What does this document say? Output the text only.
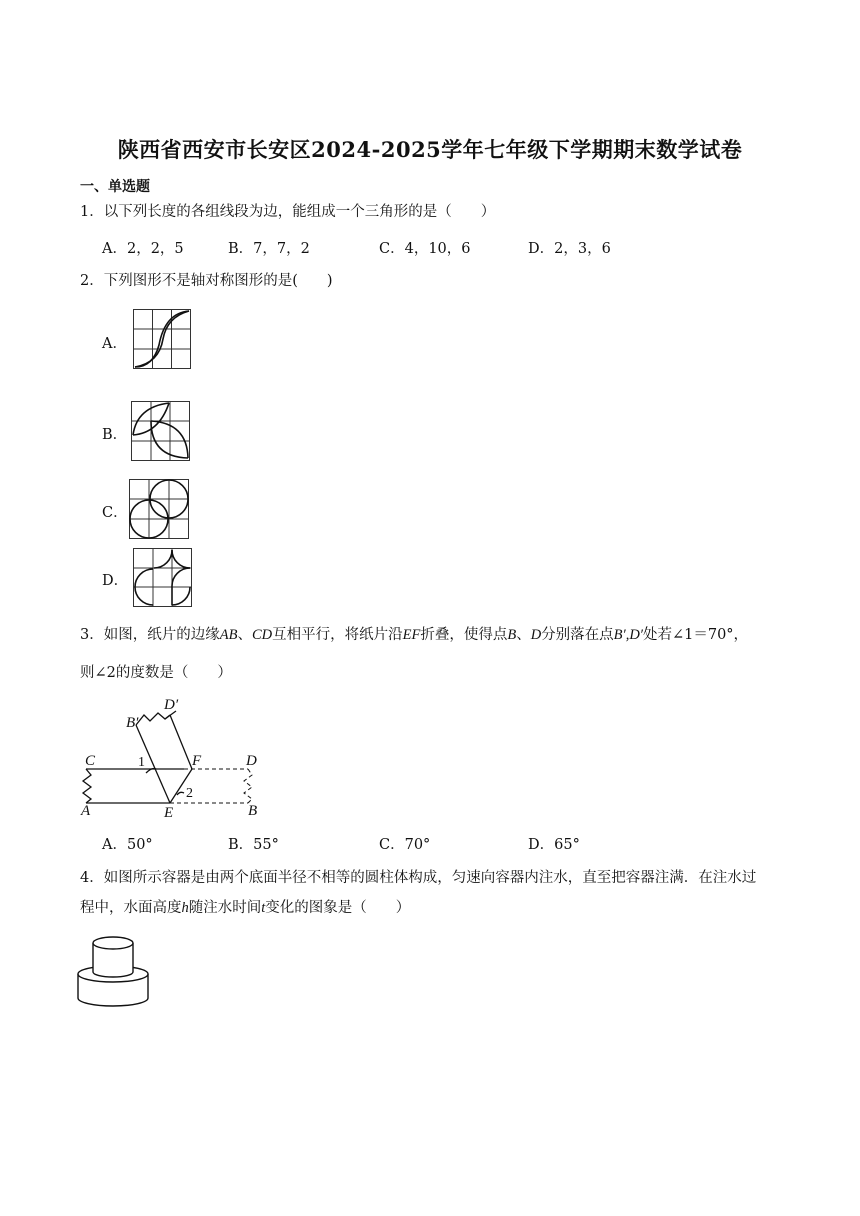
陕西省西安市长安区2024-2025学年七年级下学期期末数学试卷
一、单选题
1．以下列长度的各组线段为边，能组成一个三角形的是（　　）
A．2，2，5	B．7，7，2	C．4，10，6	D．2，3，6
2．下列图形不是轴对称图形的是(　　)
A．
B．
C．
D．
3．如图，纸片的边缘AB、CD互相平行，将纸片沿EF折叠，使得点B、D分别落在点B′,D′处若∠1＝70°，
则∠2的度数是（　　）
D′
B′
C	F	D
A	E	B
1
2
A．50°	B．55°	C．70°	D．65°
4．如图所示容器是由两个底面半径不相等的圆柱体构成，匀速向容器内注水，直至把容器注满．在注水过
程中，水面高度h随注水时间t变化的图象是（　　）
